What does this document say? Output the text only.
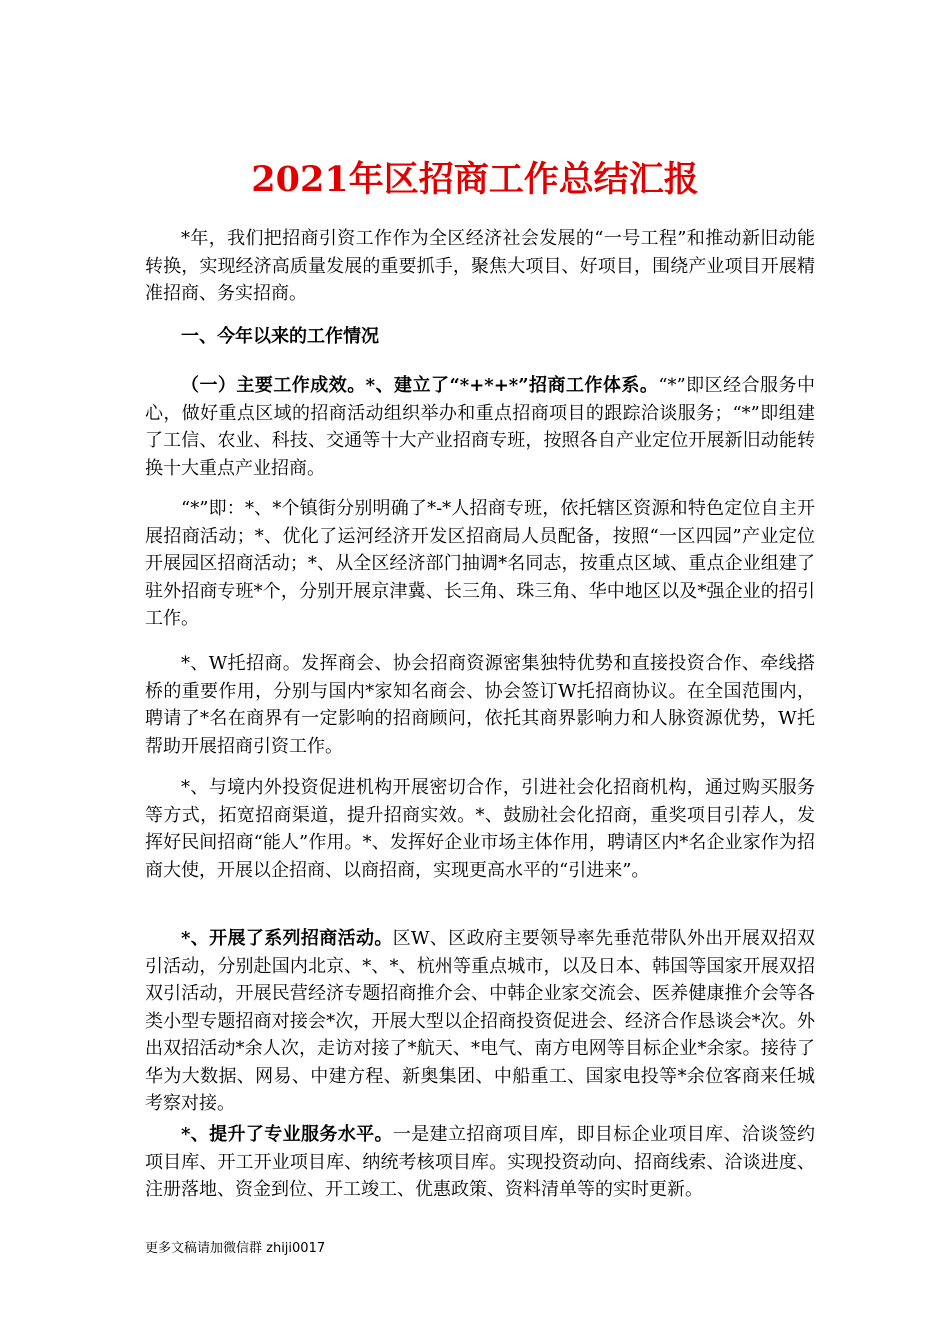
2021年区招商工作总结汇报

*年，我们把招商引资工作作为全区经济社会发展的“一号工程”和推动新旧动能转换，实现经济高质量发展的重要抓手，聚焦大项目、好项目，围绕产业项目开展精准招商、务实招商。

一、今年以来的工作情况

（一）主要工作成效。*、建立了“*+*+*”招商工作体系。“*”即区经合服务中心，做好重点区域的招商活动组织举办和重点招商项目的跟踪洽谈服务；“*”即组建了工信、农业、科技、交通等十大产业招商专班，按照各自产业定位开展新旧动能转换十大重点产业招商。

“*”即：*、*个镇街分别明确了*-*人招商专班，依托辖区资源和特色定位自主开展招商活动；*、优化了运河经济开发区招商局人员配备，按照“一区四园”产业定位开展园区招商活动；*、从全区经济部门抽调*名同志，按重点区域、重点企业组建了驻外招商专班*个，分别开展京津冀、长三角、珠三角、华中地区以及*强企业的招引工作。

*、W托招商。发挥商会、协会招商资源密集独特优势和直接投资合作、牵线搭桥的重要作用，分别与国内*家知名商会、协会签订W托招商协议。在全国范围内，聘请了*名在商界有一定影响的招商顾问，依托其商界影响力和人脉资源优势，W托帮助开展招商引资工作。

*、与境内外投资促进机构开展密切合作，引进社会化招商机构，通过购买服务等方式，拓宽招商渠道，提升招商实效。*、鼓励社会化招商，重奖项目引荐人，发挥好民间招商“能人”作用。*、发挥好企业市场主体作用，聘请区内*名企业家作为招商大使，开展以企招商、以商招商，实现更高水平的“引进来”。

*、开展了系列招商活动。区W、区政府主要领导率先垂范带队外出开展双招双引活动，分别赴国内北京、*、*、杭州等重点城市，以及日本、韩国等国家开展双招双引活动，开展民营经济专题招商推介会、中韩企业家交流会、医养健康推介会等各类小型专题招商对接会*次，开展大型以企招商投资促进会、经济合作恳谈会*次。外出双招活动*余人次，走访对接了*航天、*电气、南方电网等目标企业*余家。接待了华为大数据、网易、中建方程、新奥集团、中船重工、国家电投等*余位客商来任城考察对接。

*、提升了专业服务水平。一是建立招商项目库，即目标企业项目库、洽谈签约项目库、开工开业项目库、纳统考核项目库。实现投资动向、招商线索、洽谈进度、注册落地、资金到位、开工竣工、优惠政策、资料清单等的实时更新。

更多文稿请加微信群 zhiji0017
